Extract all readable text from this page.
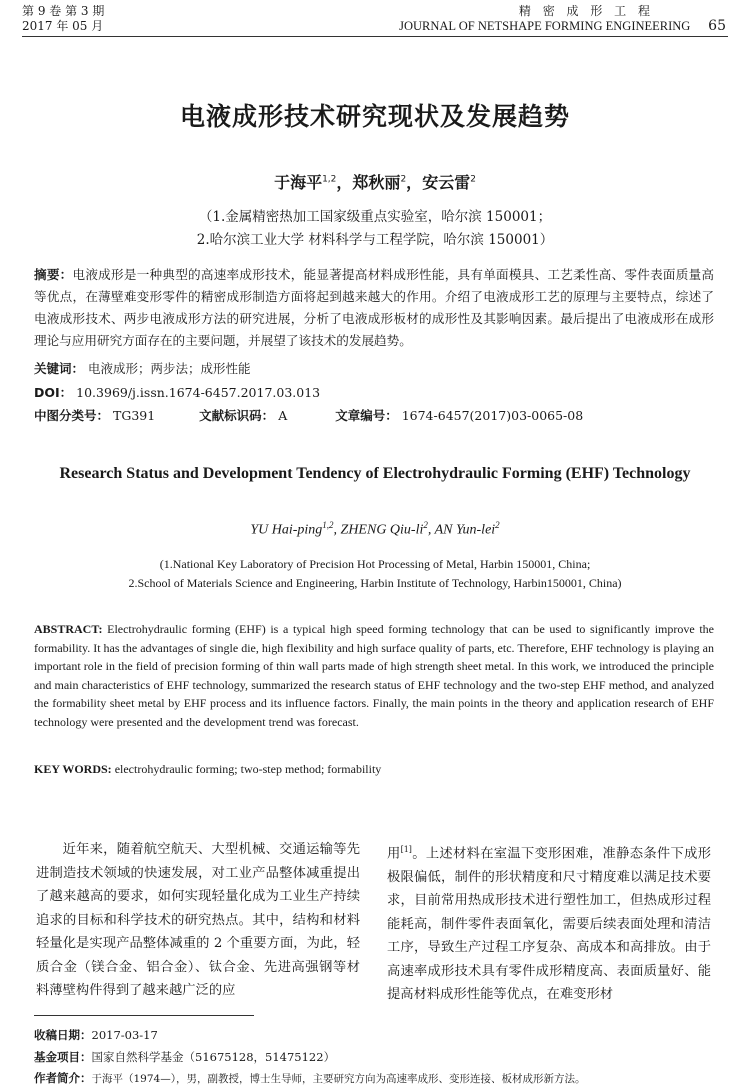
第 9 卷 第 3 期
2017 年 05 月
精 密 成 形 工 程
JOURNAL OF NETSHAPE FORMING ENGINEERING 65
电液成形技术研究现状及发展趋势
于海平$^{1,2}$，郑秋丽$^2$，安云雷$^2$
（1.金属精密热加工国家级重点实验室，哈尔滨 150001；
2.哈尔滨工业大学 材料科学与工程学院，哈尔滨 150001）
摘要：电液成形是一种典型的高速率成形技术，能显著提高材料成形性能，具有单面模具、工艺柔性高、零件表面质量高等优点，在薄壁难变形零件的精密成形制造方面将起到越来越大的作用。介绍了电液成形工艺的原理与主要特点，综述了电液成形技术、两步电液成形方法的研究进展，分析了电液成形板材的成形性及其影响因素。最后提出了电液成形在成形理论与应用研究方面存在的主要问题，并展望了该技术的发展趋势。
关键词： 电液成形；两步法；成形性能
DOI： 10.3969/j.issn.1674-6457.2017.03.013
中图分类号： TG391	文献标识码： A	文章编号： 1674-6457(2017)03-0065-08
Research Status and Development Tendency of Electrohydraulic Forming (EHF) Technology
YU Hai-ping$^{1,2}$, ZHENG Qiu-$li^2$, AN Yun-lei$^2$
(1.National Key Laboratory of Precision Hot Processing of Metal, Harbin 150001, China;
2.School of Materials Science and Engineering, Harbin Institute of Technology, Harbin150001, China)
ABSTRACT: Electrohydraulic forming (EHF) is a typical high speed forming technology that can be used to significantly improve the formability. It has the advantages of single die, high flexibility and high surface quality of parts, etc. Therefore, EHF technology is playing an important role in the field of precision forming of thin wall parts made of high strength sheet metal. In this work, we introduced the principle and main characteristics of EHF technology, summarized the research status of EHF technology and the two-step EHF method, and analyzed the formability sheet metal by EHF process and its influence factors. Finally, the main points in the theory and application research of EHF technology were presented and the development trend was forecast.
KEY WORDS: electrohydraulic forming; two-step method; formability
近年来，随着航空航天、大型机械、交通运输等先进制造技术领域的快速发展，对工业产品整体减重提出了越来越高的要求，如何实现轻量化成为工业生产持续追求的目标和科学技术的研究热点。其中，结构和材料轻量化是实现产品整体减重的 2 个重要方面，为此，轻质合金（镁合金、铝合金）、钛合金、先进高强钢等材料薄壁构件得到了越来越广泛的应
用[1]。上述材料在室温下变形困难，准静态条件下成形极限偏低，制件的形状精度和尺寸精度难以满足技术要求，目前常用热成形技术进行塑性加工，但热成形过程能耗高，制件零件表面氧化，需要后续表面处理和清洁工序，导致生产过程工序复杂、高成本和高排放。由于高速率成形技术具有零件成形精度高、表面质量好、能提高材料成形性能等优点，在难变形材
收稿日期：2017-03-17
基金项目：国家自然科学基金（51675128，51475122）
作者简介：于海平（1974—），男，副教授，博士生导师，主要研究方向为高速率成形、变形连接、板材成形新方法。
